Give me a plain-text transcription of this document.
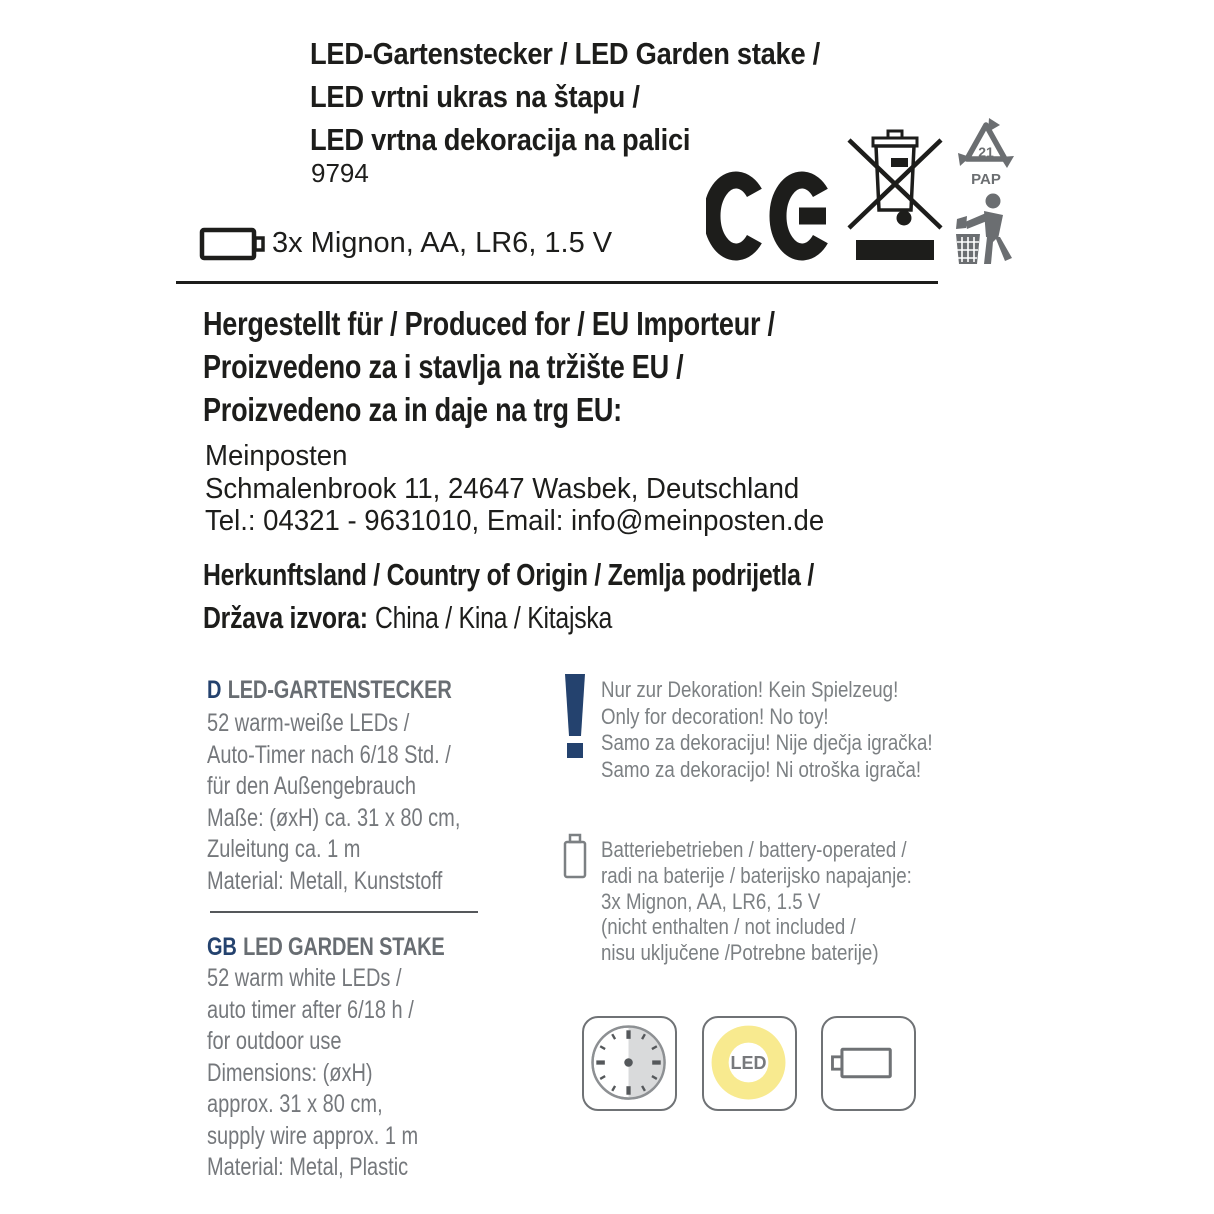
LED-Gartenstecker / LED Garden stake /
LED vrtni ukras na štapu /
LED vrtna dekoracija na palici
9794
3x Mignon, AA, LR6, 1.5 V
21
PAP
Hergestellt für / Produced for / EU Importeur /
Proizvedeno za i stavlja na tržište EU /
Proizvedeno za in daje na trg EU:
Meinposten
Schmalenbrook 11, 24647 Wasbek, Deutschland
Tel.: 04321 - 9631010, Email: info@meinposten.de
Herkunftsland / Country of Origin / Zemlja podrijetla /
Država izvora: China / Kina / Kitajska
D LED-GARTENSTECKER
52 warm-weiße LEDs /
Auto-Timer nach 6/18 Std. /
für den Außengebrauch
Maße: (øxH) ca. 31 x 80 cm,
Zuleitung ca. 1 m
Material: Metall, Kunststoff
GB LED GARDEN STAKE
52 warm white LEDs /
auto timer after 6/18 h /
for outdoor use
Dimensions: (øxH)
approx. 31 x 80 cm,
supply wire approx. 1 m
Material: Metal, Plastic
Nur zur Dekoration! Kein Spielzeug!
Only for decoration! No toy!
Samo za dekoraciju! Nije dječja igračka!
Samo za dekoracijo! Ni otroška igrača!
Batteriebetrieben / battery-operated /
radi na baterije / baterijsko napajanje:
3x Mignon, AA, LR6, 1.5 V
(nicht enthalten / not included /
nisu uključene /Potrebne baterije)
LED
